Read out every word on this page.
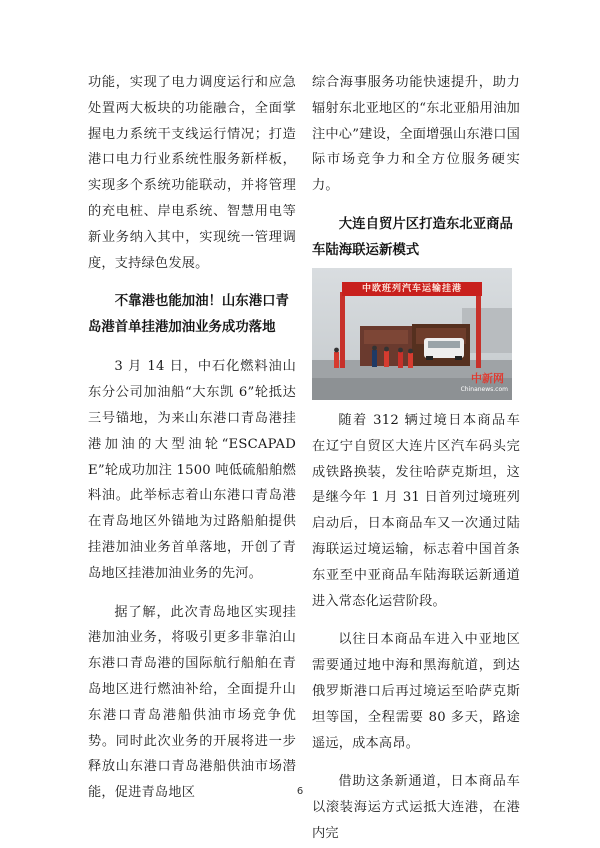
功能，实现了电力调度运行和应急处置两大板块的功能融合，全面掌握电力系统干支线运行情况；打造港口电力行业系统性服务新样板，实现多个系统功能联动，并将管理的充电桩、岸电系统、智慧用电等新业务纳入其中，实现统一管理调度，支持绿色发展。

不靠港也能加油！山东港口青岛港首单挂港加油业务成功落地

3 月 14 日，中石化燃料油山东分公司加油船“大东凯 6”轮抵达三号锚地，为来山东港口青岛港挂港加油的大型油轮“ESCAPADE”轮成功加注 1500 吨低硫船舶燃料油。此举标志着山东港口青岛港在青岛地区外锚地为过路船舶提供挂港加油业务首单落地，开创了青岛地区挂港加油业务的先河。

据了解，此次青岛地区实现挂港加油业务，将吸引更多非靠泊山东港口青岛港的国际航行船舶在青岛地区进行燃油补给，全面提升山东港口青岛港船供油市场竞争优势。同时此次业务的开展将进一步释放山东港口青岛港船供油市场潜能，促进青岛地区

综合海事服务功能快速提升，助力辐射东北亚地区的“东北亚船用油加注中心”建设，全面增强山东港口国际市场竞争力和全方位服务硬实力。

大连自贸片区打造东北亚商品车陆海联运新模式
中欧班列汽车运输挂港
中新网
Chinanews.com

随着 312 辆过境日本商品车在辽宁自贸区大连片区汽车码头完成铁路换装，发往哈萨克斯坦，这是继今年 1 月 31 日首列过境班列启动后，日本商品车又一次通过陆海联运过境运输，标志着中国首条东亚至中亚商品车陆海联运新通道进入常态化运营阶段。

以往日本商品车进入中亚地区需要通过地中海和黑海航道，到达俄罗斯港口后再过境运至哈萨克斯坦等国，全程需要 80 多天，路途遥远，成本高昂。

借助这条新通道，日本商品车以滚装海运方式运抵大连港，在港内完

6
